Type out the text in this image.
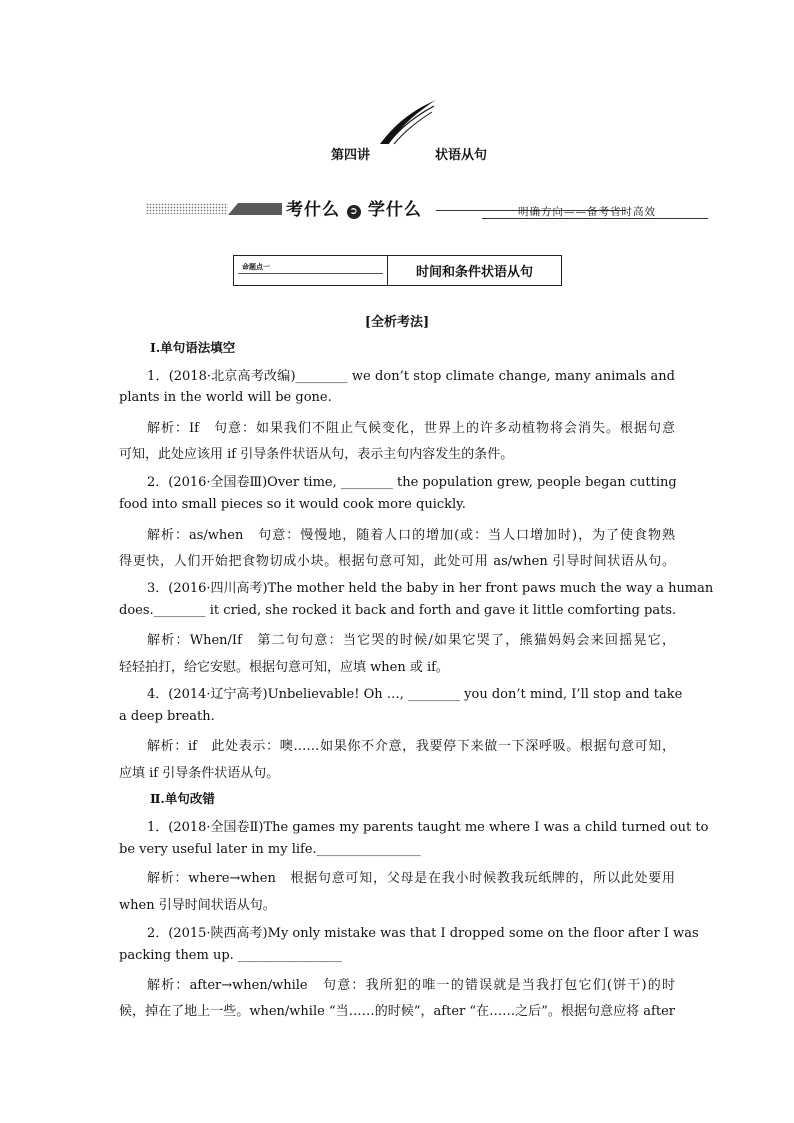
第四讲	状语从句
考什么 ➲ 学什么	明确方向——备考省时高效
命题点一	时间和条件状语从句
[全析考法]
Ⅰ.单句语法填空
1．(2018·北京高考改编)________ we don’t stop climate change, many animals and
plants in the world will be gone.
解析：If　句意：如果我们不阻止气候变化，世界上的许多动植物将会消失。根据句意
可知，此处应该用 if 引导条件状语从句，表示主句内容发生的条件。
2．(2016·全国卷Ⅲ)Over time, ________ the population grew, people began cutting
food into small pieces so it would cook more quickly.
解析：as/when　句意：慢慢地，随着人口的增加(或：当人口增加时)，为了使食物熟
得更快，人们开始把食物切成小块。根据句意可知，此处可用 as/when 引导时间状语从句。
3．(2016·四川高考)The mother held the baby in her front paws much the way a human
does.________ it cried, she rocked it back and forth and gave it little comforting pats.
解析：When/If　第二句句意：当它哭的时候/如果它哭了，熊猫妈妈会来回摇晃它，
轻轻拍打，给它安慰。根据句意可知，应填 when 或 if。
4．(2014·辽宁高考)Unbelievable! Oh …, ________ you don’t mind, I’ll stop and take
a deep breath.
解析：if　此处表示：噢……如果你不介意，我要停下来做一下深呼吸。根据句意可知，
应填 if 引导条件状语从句。
Ⅱ.单句改错
1．(2018·全国卷Ⅱ)The games my parents taught me where I was a child turned out to
be very useful later in my life.________________
解析：where→when　根据句意可知，父母是在我小时候教我玩纸牌的，所以此处要用
when 引导时间状语从句。
2．(2015·陕西高考)My only mistake was that I dropped some on the floor after I was
packing them up. ________________
解析：after→when/while　句意：我所犯的唯一的错误就是当我打包它们(饼干)的时
候，掉在了地上一些。when/while “当……的时候”，after “在……之后”。根据句意应将 after
